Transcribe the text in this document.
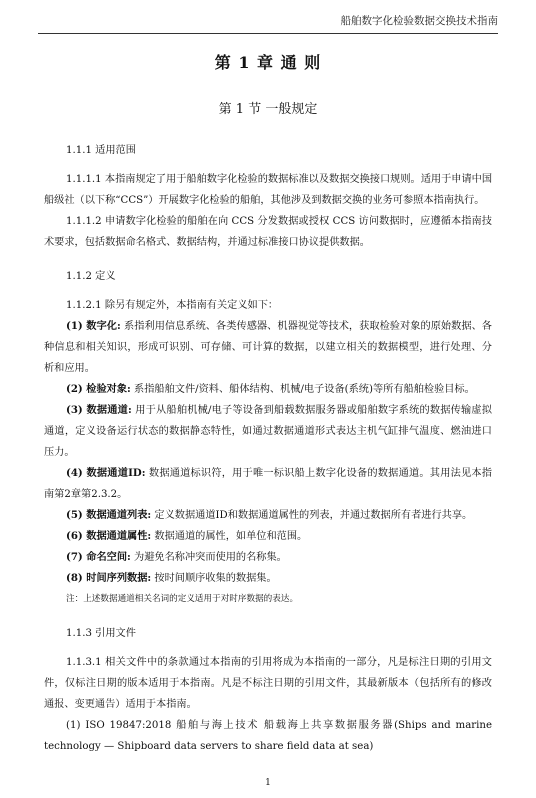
船舶数字化检验数据交换技术指南
第 1 章 通 则
第 1 节 一般规定

1.1.1 适用范围

1.1.1.1 本指南规定了用于船舶数字化检验的数据标准以及数据交换接口规则。适用于申请中国船级社（以下称“CCS”）开展数字化检验的船舶，其他涉及到数据交换的业务可参照本指南执行。

1.1.1.2 申请数字化检验的船舶在向 CCS 分发数据或授权 CCS 访问数据时，应遵循本指南技术要求，包括数据命名格式、数据结构，并通过标准接口协议提供数据。

1.1.2 定义

1.1.2.1 除另有规定外，本指南有关定义如下：

(1) 数字化: 系指利用信息系统、各类传感器、机器视觉等技术，获取检验对象的原始数据、各种信息和相关知识，形成可识别、可存储、可计算的数据，以建立相关的数据模型，进行处理、分析和应用。

(2) 检验对象: 系指船舶文件/资料、船体结构、机械/电子设备(系统)等所有船舶检验目标。

(3) 数据通道: 用于从船舶机械/电子等设备到船载数据服务器或船舶数字系统的数据传输虚拟通道，定义设备运行状态的数据静态特性，如通过数据通道形式表达主机气缸排气温度、燃油进口压力。

(4) 数据通道ID: 数据通道标识符，用于唯一标识船上数字化设备的数据通道。其用法见本指南第2章第2.3.2。

(5) 数据通道列表: 定义数据通道ID和数据通道属性的列表，并通过数据所有者进行共享。

(6) 数据通道属性: 数据通道的属性，如单位和范围。

(7) 命名空间: 为避免名称冲突而使用的名称集。

(8) 时间序列数据: 按时间顺序收集的数据集。

注：上述数据通道相关名词的定义适用于对时序数据的表达。

1.1.3 引用文件

1.1.3.1 相关文件中的条款通过本指南的引用将成为本指南的一部分，凡是标注日期的引用文件，仅标注日期的版本适用于本指南。凡是不标注日期的引用文件，其最新版本（包括所有的修改通报、变更通告）适用于本指南。

(1) ISO 19847:2018 船舶与海上技术 船载海上共享数据服务器(Ships and marine technology — Shipboard data servers to share field data at sea)

1
